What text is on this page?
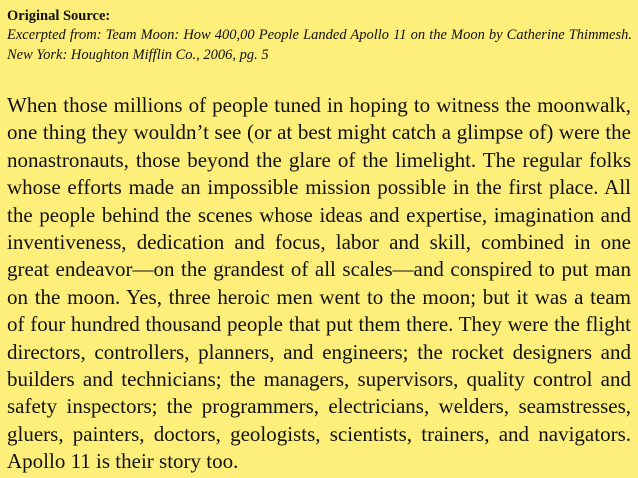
Original Source:
Excerpted from: Team Moon: How 400,00 People Landed Apollo 11 on the Moon by Catherine Thimmesh. New York: Houghton Mifflin Co., 2006, pg. 5

When those millions of people tuned in hoping to witness the moonwalk, one thing they wouldn’t see (or at best might catch a glimpse of) were the nonastronauts, those beyond the glare of the limelight. The regular folks whose efforts made an impossible mission possible in the first place. All the people behind the scenes whose ideas and expertise, imagination and inventiveness, dedication and focus, labor and skill, combined in one great endeavor—on the grandest of all scales—and conspired to put man on the moon. Yes, three heroic men went to the moon; but it was a team of four hundred thousand people that put them there. They were the flight directors, controllers, planners, and engineers; the rocket designers and builders and technicians; the managers, supervisors, quality control and safety inspectors; the programmers, electricians, welders, seamstresses, gluers, painters, doctors, geologists, scientists, trainers, and navigators. Apollo 11 is their story too.
